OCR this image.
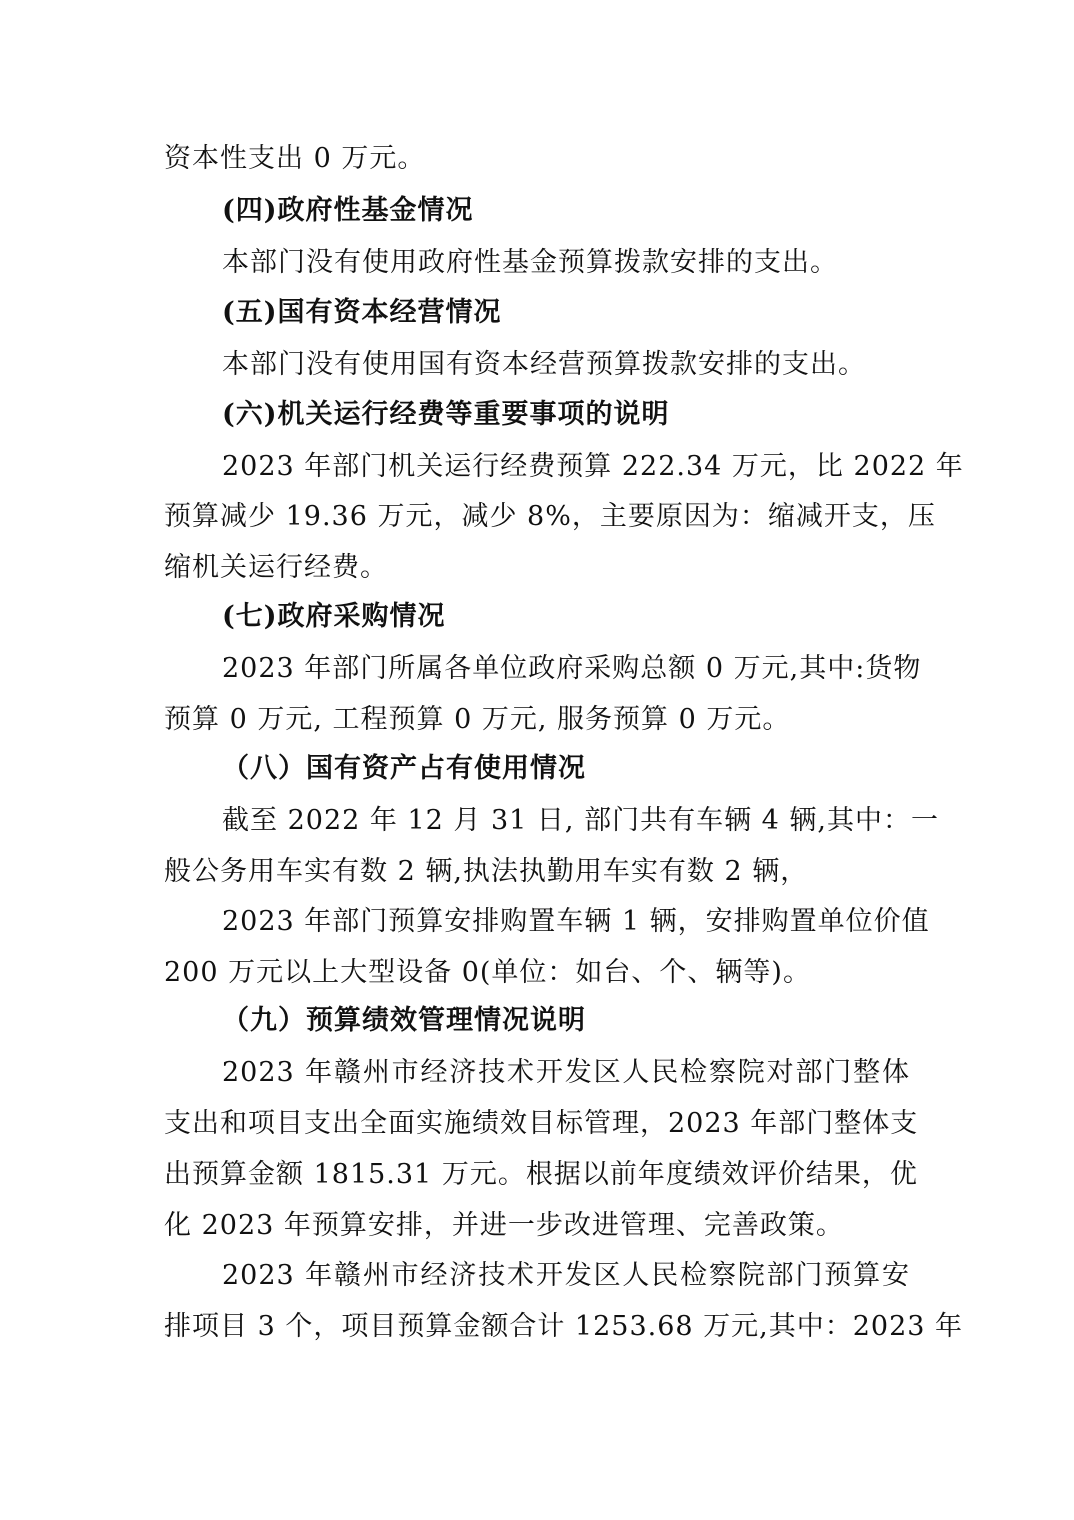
资本性支出 0 万元。
(四)政府性基金情况
本部门没有使用政府性基金预算拨款安排的支出。
(五)国有资本经营情况
本部门没有使用国有资本经营预算拨款安排的支出。
(六)机关运行经费等重要事项的说明
2023 年部门机关运行经费预算 222.34 万元，比 2022 年
预算减少 19.36 万元，减少 8%，主要原因为：缩减开支，压
缩机关运行经费。
(七)政府采购情况
2023 年部门所属各单位政府采购总额 0 万元,其中:货物
预算 0 万元, 工程预算 0 万元, 服务预算 0 万元。
（八）国有资产占有使用情况
截至 2022 年 12 月 31 日, 部门共有车辆 4 辆,其中：一
般公务用车实有数 2 辆,执法执勤用车实有数 2 辆，
2023 年部门预算安排购置车辆 1 辆，安排购置单位价值
200 万元以上大型设备 0(单位：如台、个、辆等)。
（九）预算绩效管理情况说明
2023 年赣州市经济技术开发区人民检察院对部门整体
支出和项目支出全面实施绩效目标管理，2023 年部门整体支
出预算金额 1815.31 万元。根据以前年度绩效评价结果，优
化 2023 年预算安排，并进一步改进管理、完善政策。
2023 年赣州市经济技术开发区人民检察院部门预算安
排项目 3 个，项目预算金额合计 1253.68 万元,其中：2023 年
